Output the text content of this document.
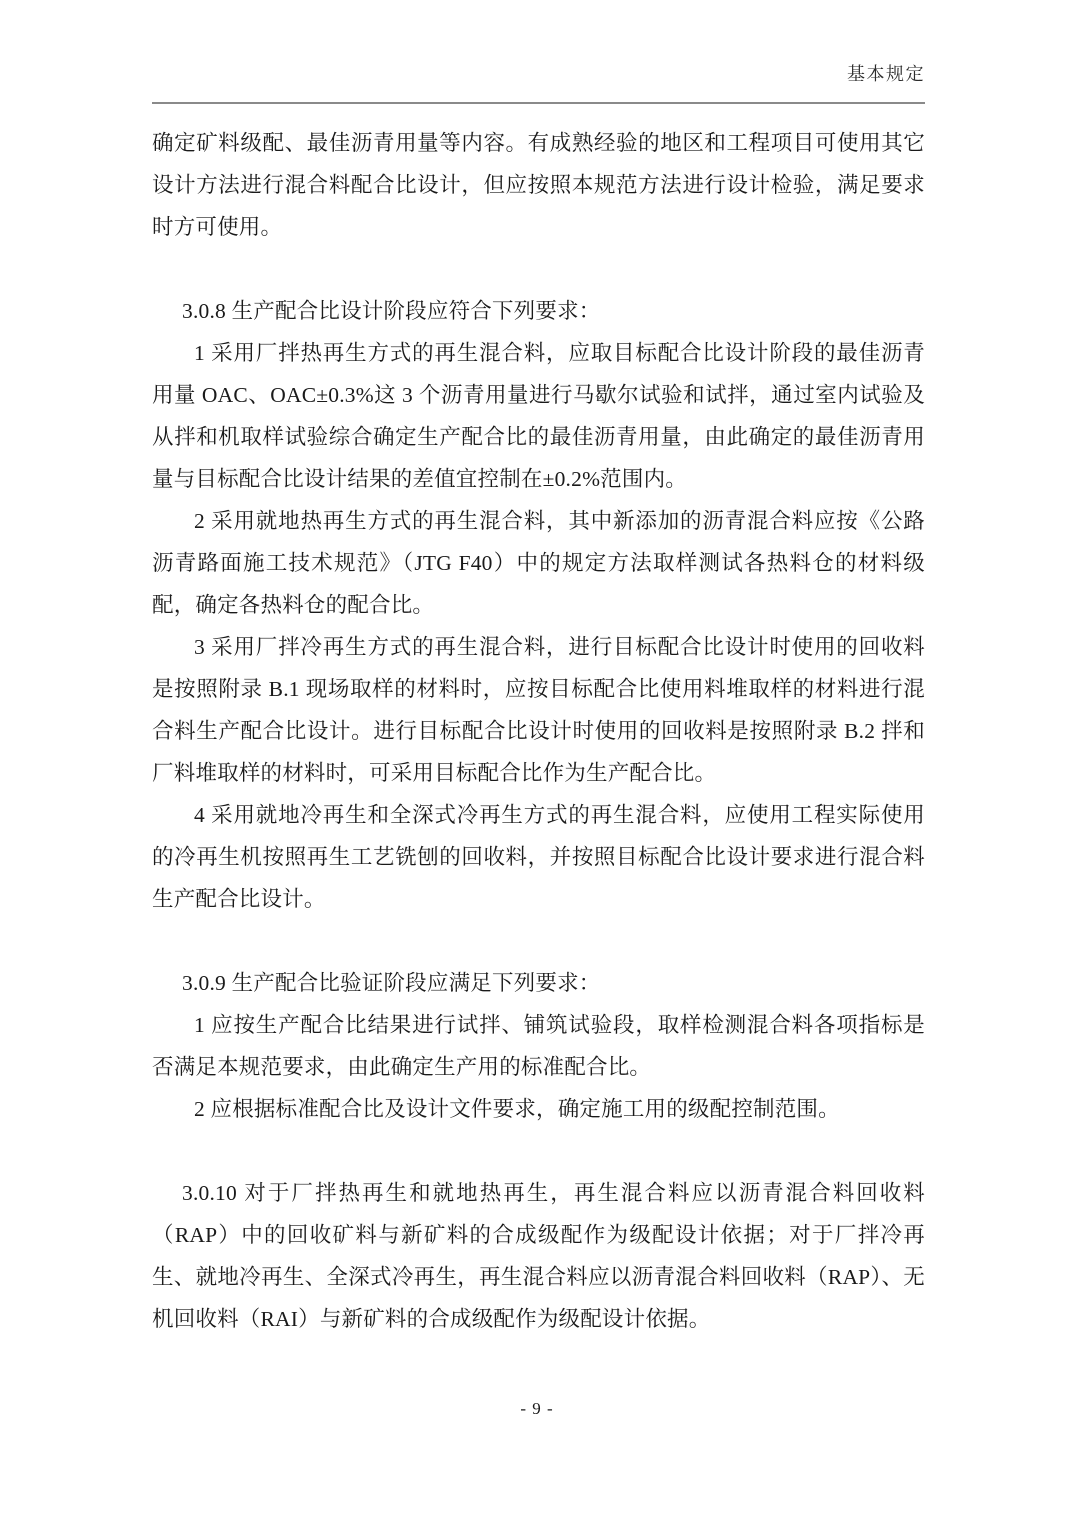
基本规定

确定矿料级配、最佳沥青用量等内容。有成熟经验的地区和工程项目可使用其它设计方法进行混合料配合比设计，但应按照本规范方法进行设计检验，满足要求时方可使用。

3.0.8 生产配合比设计阶段应符合下列要求：

1 采用厂拌热再生方式的再生混合料，应取目标配合比设计阶段的最佳沥青用量 OAC、OAC±0.3%这 3 个沥青用量进行马歇尔试验和试拌，通过室内试验及从拌和机取样试验综合确定生产配合比的最佳沥青用量，由此确定的最佳沥青用量与目标配合比设计结果的差值宜控制在±0.2%范围内。

2 采用就地热再生方式的再生混合料，其中新添加的沥青混合料应按《公路沥青路面施工技术规范》（JTG F40）中的规定方法取样测试各热料仓的材料级配，确定各热料仓的配合比。

3 采用厂拌冷再生方式的再生混合料，进行目标配合比设计时使用的回收料是按照附录 B.1 现场取样的材料时，应按目标配合比使用料堆取样的材料进行混合料生产配合比设计。进行目标配合比设计时使用的回收料是按照附录 B.2 拌和厂料堆取样的材料时，可采用目标配合比作为生产配合比。

4 采用就地冷再生和全深式冷再生方式的再生混合料，应使用工程实际使用的冷再生机按照再生工艺铣刨的回收料，并按照目标配合比设计要求进行混合料生产配合比设计。

3.0.9 生产配合比验证阶段应满足下列要求：

1 应按生产配合比结果进行试拌、铺筑试验段，取样检测混合料各项指标是否满足本规范要求，由此确定生产用的标准配合比。

2 应根据标准配合比及设计文件要求，确定施工用的级配控制范围。

3.0.10 对于厂拌热再生和就地热再生，再生混合料应以沥青混合料回收料（RAP）中的回收矿料与新矿料的合成级配作为级配设计依据；对于厂拌冷再生、就地冷再生、全深式冷再生，再生混合料应以沥青混合料回收料（RAP）、无机回收料（RAI）与新矿料的合成级配作为级配设计依据。

- 9 -
